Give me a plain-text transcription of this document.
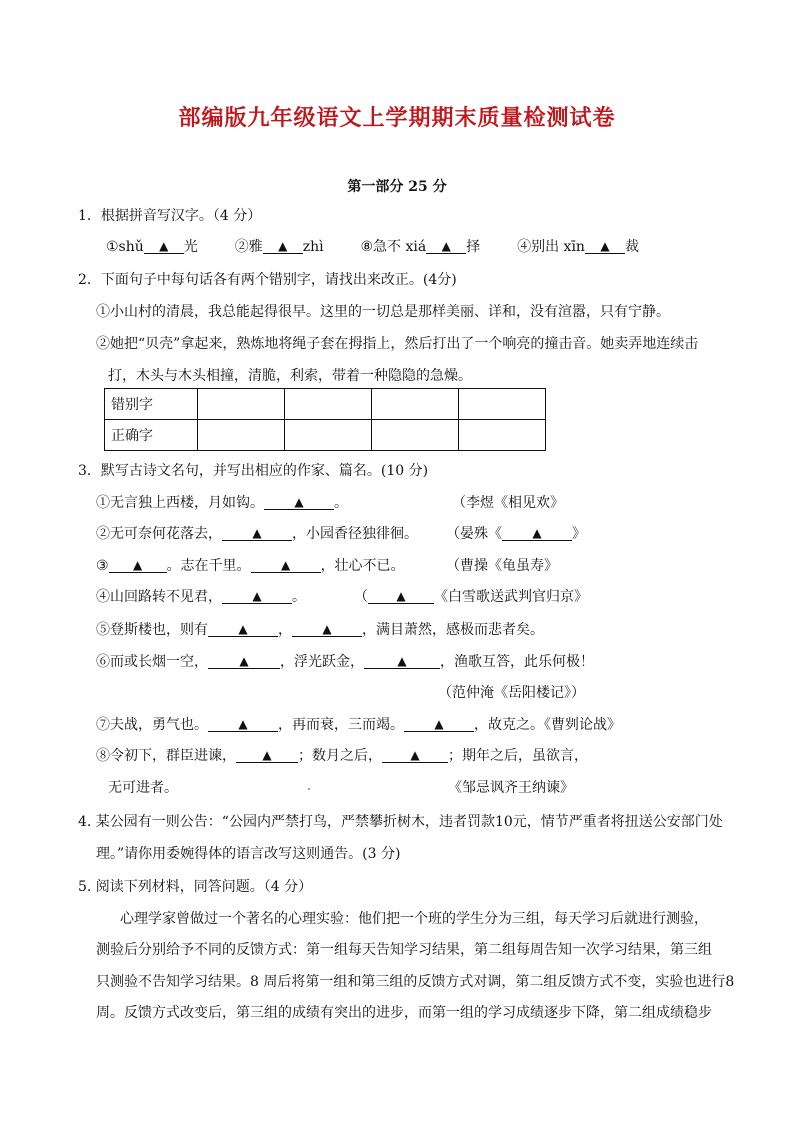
部编版九年级语文上学期期末质量检测试卷
第一部分 25 分
1．根据拼音写汉字。（4 分）
①shǔ ▲ 光	②雅 ▲ zhì	⑧急不 xiá ▲ 择	④别出 xīn ▲ 裁
2．下面句子中每句话各有两个错别字，请找出来改正。(4分)
①小山村的清晨，我总能起得很早。这里的一切总是那样美丽、详和，没有渲嚣，只有宁静。
②她把“贝壳”拿起来，熟炼地将绳子套在拇指上，然后打出了一个响亮的撞击音。她卖弄地连续击
打，木头与木头相撞，清脆，利索，带着一种隐隐的急燥。
错别字				
正确字				
3．默写古诗文名句，并写出相应的作家、篇名。(10 分)
①无言独上西楼，月如钩。	▲ 。	（李煜《相见欢》
②无可奈何花落去，	▲ ，小园香径独徘徊。 （晏殊《	▲ 》
③ ▲ 。志在千里。	▲ ，壮心不已。	（曹操《龟虽寿》
④山回路转不见君，	▲ 。	（ ▲ 《白雪歌送武判官归京》
⑤登斯楼也，则有	▲ ，	▲ ，满目萧然，感极而悲者矣。
⑥而或长烟一空，	▲ ，浮光跃金，	▲ ，渔歌互答，此乐何极！
（范仲淹《岳阳楼记》）
⑦夫战，勇气也。	▲ ，再而衰，三而竭。	▲ ，故克之。《曹刿论战》
⑧令初下，群臣进谏， ▲ ；数月之后， ▲ ；期年之后，虽欲言，
无可进者。	《邹忌讽齐王纳谏》
4. 某公园有一则公告：“公园内严禁打鸟，严禁攀折树木，违者罚款10元，情节严重者将扭送公安部门处
理。”请你用委婉得体的语言改写这则通告。(3 分)
5. 阅读下列材料，同答问题。（4 分）
心理学家曾做过一个著名的心理实验：他们把一个班的学生分为三组，每天学习后就进行测验，
测验后分别给予不同的反馈方式：第一组每天告知学习结果，第二组每周告知一次学习结果，第三组
只测验不告知学习结果。8 周后将第一组和第三组的反馈方式对调，第二组反馈方式不变，实验也进行8
周。反馈方式改变后，第三组的成绩有突出的进步，而第一组的学习成绩逐步下降，第二组成绩稳步
